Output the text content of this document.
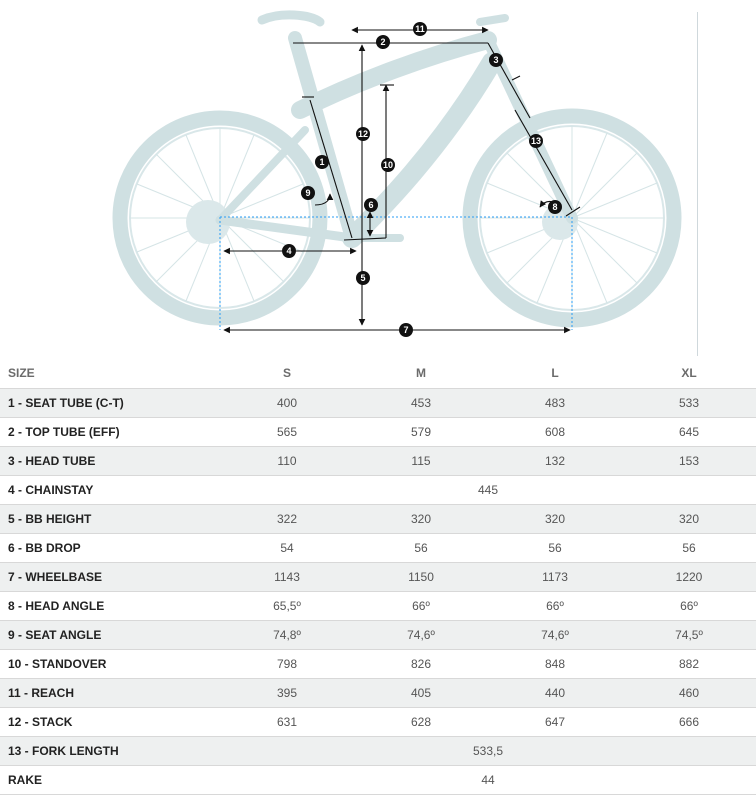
1
2
3
4
5
6
7
8
9
10
11
12
13
SIZE	S	M	L	XL
1 - SEAT TUBE (C-T)	400	453	483	533
2 - TOP TUBE (EFF)	565	579	608	645
3 - HEAD TUBE	110	115	132	153
4 - CHAINSTAY	445			
5 - BB HEIGHT	322	320	320	320
6 - BB DROP	54	56	56	56
7 - WHEELBASE	1143	1150	1173	1220
8 - HEAD ANGLE	65,5º	66º	66º	66º
9 - SEAT ANGLE	74,8º	74,6º	74,6º	74,5º
10 - STANDOVER	798	826	848	882
11 - REACH	395	405	440	460
12 - STACK	631	628	647	666
13 - FORK LENGTH	533,5			
RAKE	44			
